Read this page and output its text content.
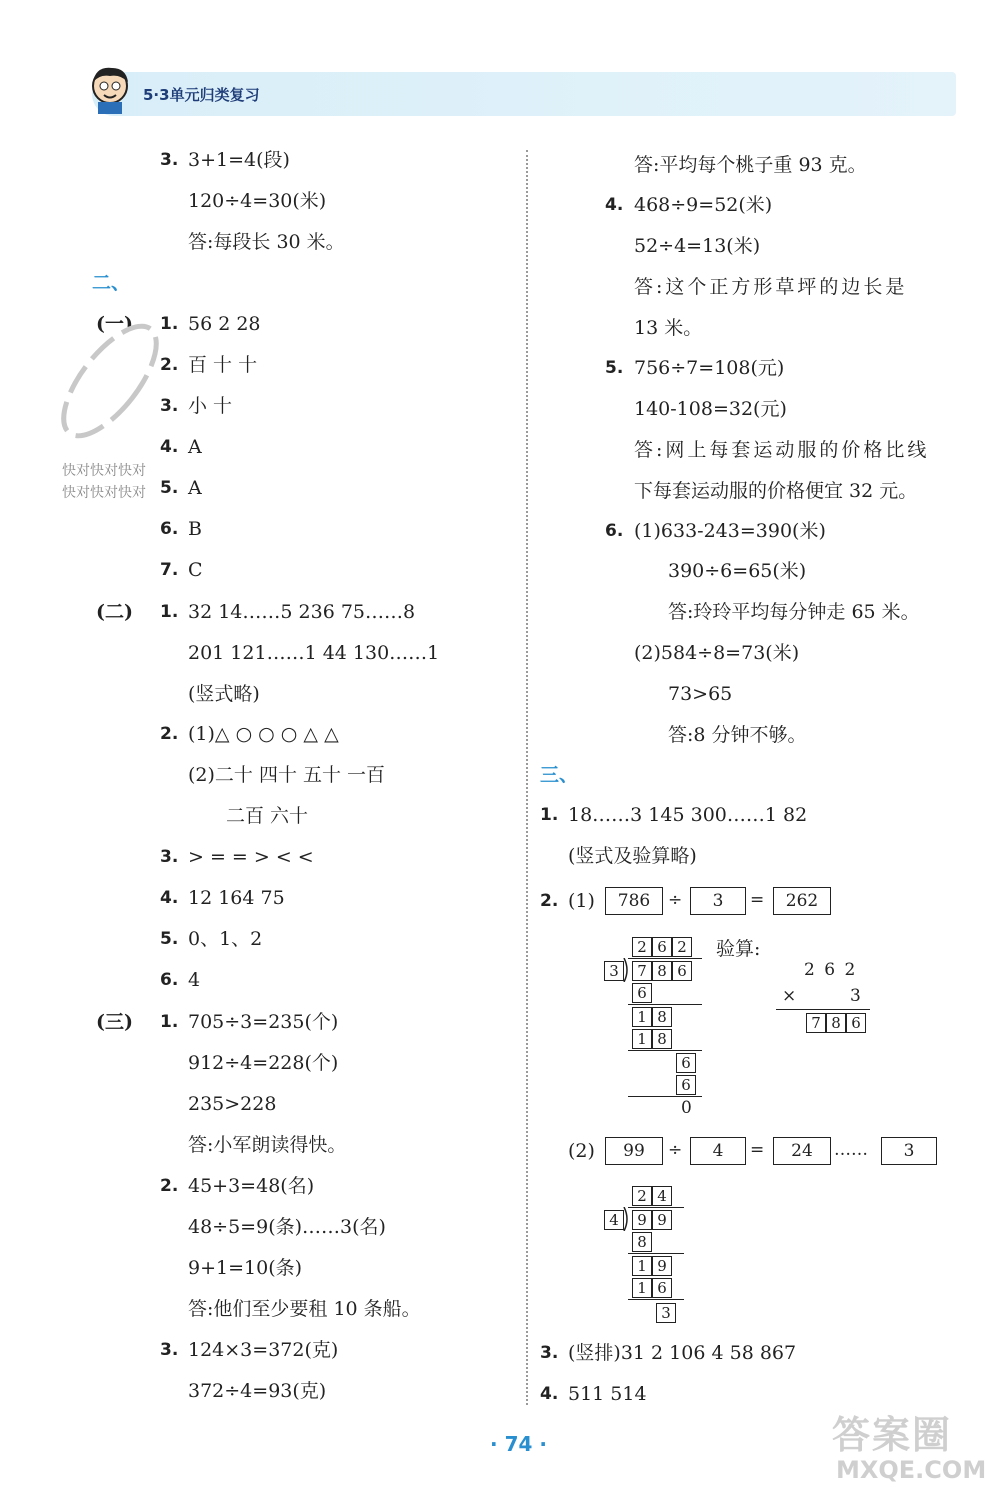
5·3单元归类复习
3. 3+1=4(段)
120÷4=30(米)
答:每段长 30 米。
二、
(一) 1. 56 2 28
2. 百 十 十
3. 小 十
4. A
5. A
6. B
7. C
快对快对快对
快对快对快对
(二) 1. 32 14……5 236 75……8
201 121……1 44 130……1
(竖式略)
2. (1)△ ○ ○ ○ △ △
(2)二十 四十 五十 一百
二百 六十
3. > = = > < <
4. 12 164 75
5. 0、1、2
6. 4
(三) 1. 705÷3=235(个)
912÷4=228(个)
235>228
答:小军朗读得快。
2. 45+3=48(名)
48÷5=9(条)……3(名)
9+1=10(条)
答:他们至少要租 10 条船。
3. 124×3=372(克)
372÷4=93(克)
答:平均每个桃子重 93 克。
4. 468÷9=52(米)
52÷4=13(米)
答:这个正方形草坪的边长是
13 米。
5. 756÷7=108(元)
140-108=32(元)
答:网上每套运动服的价格比线
下每套运动服的价格便宜 32 元。
6. (1)633-243=390(米)
390÷6=65(米)
答:玲玲平均每分钟走 65 米。
(2)584÷8=73(米)
73>65
答:8 分钟不够。
三、
1. 18……3 145 300……1 82
(竖式及验算略)
2. (1)	786	÷	3	=	262
2 6 2
3	7 8 6
6
1 8
1 8
6
6
0
验算:
2 6 2
×	3
7 8 6
(2)	99	÷	4	=	24	……	3
2 4
4	9 9
8
1 9
1 6
3
3. (竖排)31 2 106 4 58 867
4. 511 514
· 74 ·	答案圈
MXQE.COM
